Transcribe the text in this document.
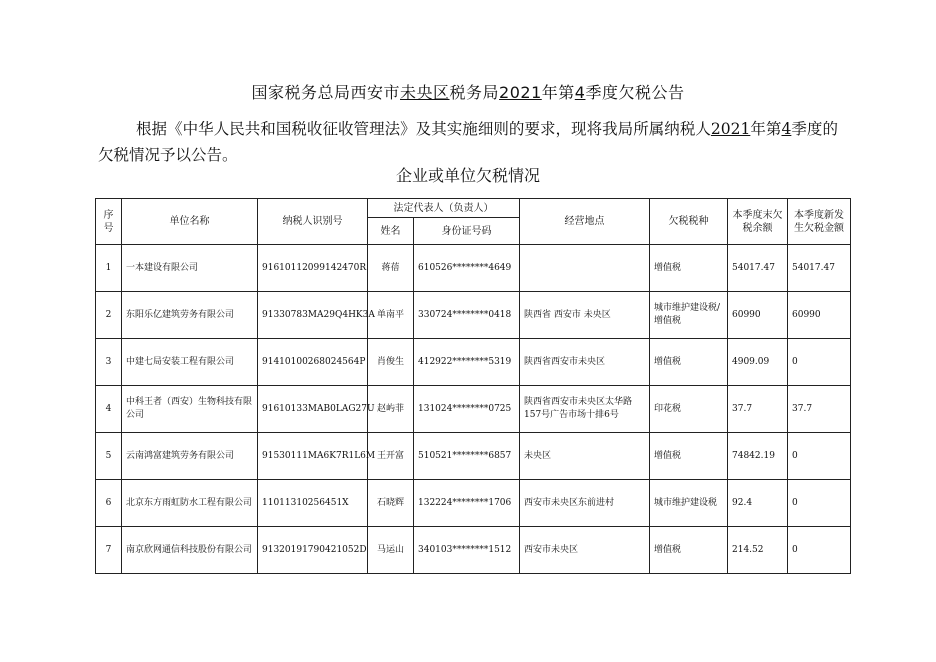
国家税务总局西安市未央区税务局2021年第4季度欠税公告
根据《中华人民共和国税收征收管理法》及其实施细则的要求，现将我局所属纳税人2021年第4季度的欠税情况予以公告。
企业或单位欠税情况
序号	单位名称	纳税人识别号	法定代表人（负责人）		经营地点	欠税税种	本季度末欠税余额	本季度新发生欠税金额
			姓名	身份证号码				
1	一本建设有限公司	91610112099142470R	蒋蓓	610526********4649		增值税	54017.47	54017.47
2	东阳乐亿建筑劳务有限公司	91330783MA29Q4HK3A	单南平	330724********0418	陕西省 西安市 未央区	城市维护建设税/增值税	60990	60990
3	中建七局安装工程有限公司	91410100268024564P	肖俊生	412922********5319	陕西省西安市未央区	增值税	4909.09	0
4	中科王者（西安）生物科技有限公司	91610133MAB0LAG27U	赵屿菲	131024********0725	陕西省西安市未央区太华路157号广告市场十排6号	印花税	37.7	37.7
5	云南鸿富建筑劳务有限公司	91530111MA6K7R1L6M	王开富	510521********6857	未央区	增值税	74842.19	0
6	北京东方雨虹防水工程有限公司	11011310256451X	石晓辉	132224********1706	西安市未央区东前进村	城市维护建设税	92.4	0
7	南京欣网通信科技股份有限公司	91320191790421052D	马运山	340103********1512	西安市未央区	增值税	214.52	0
